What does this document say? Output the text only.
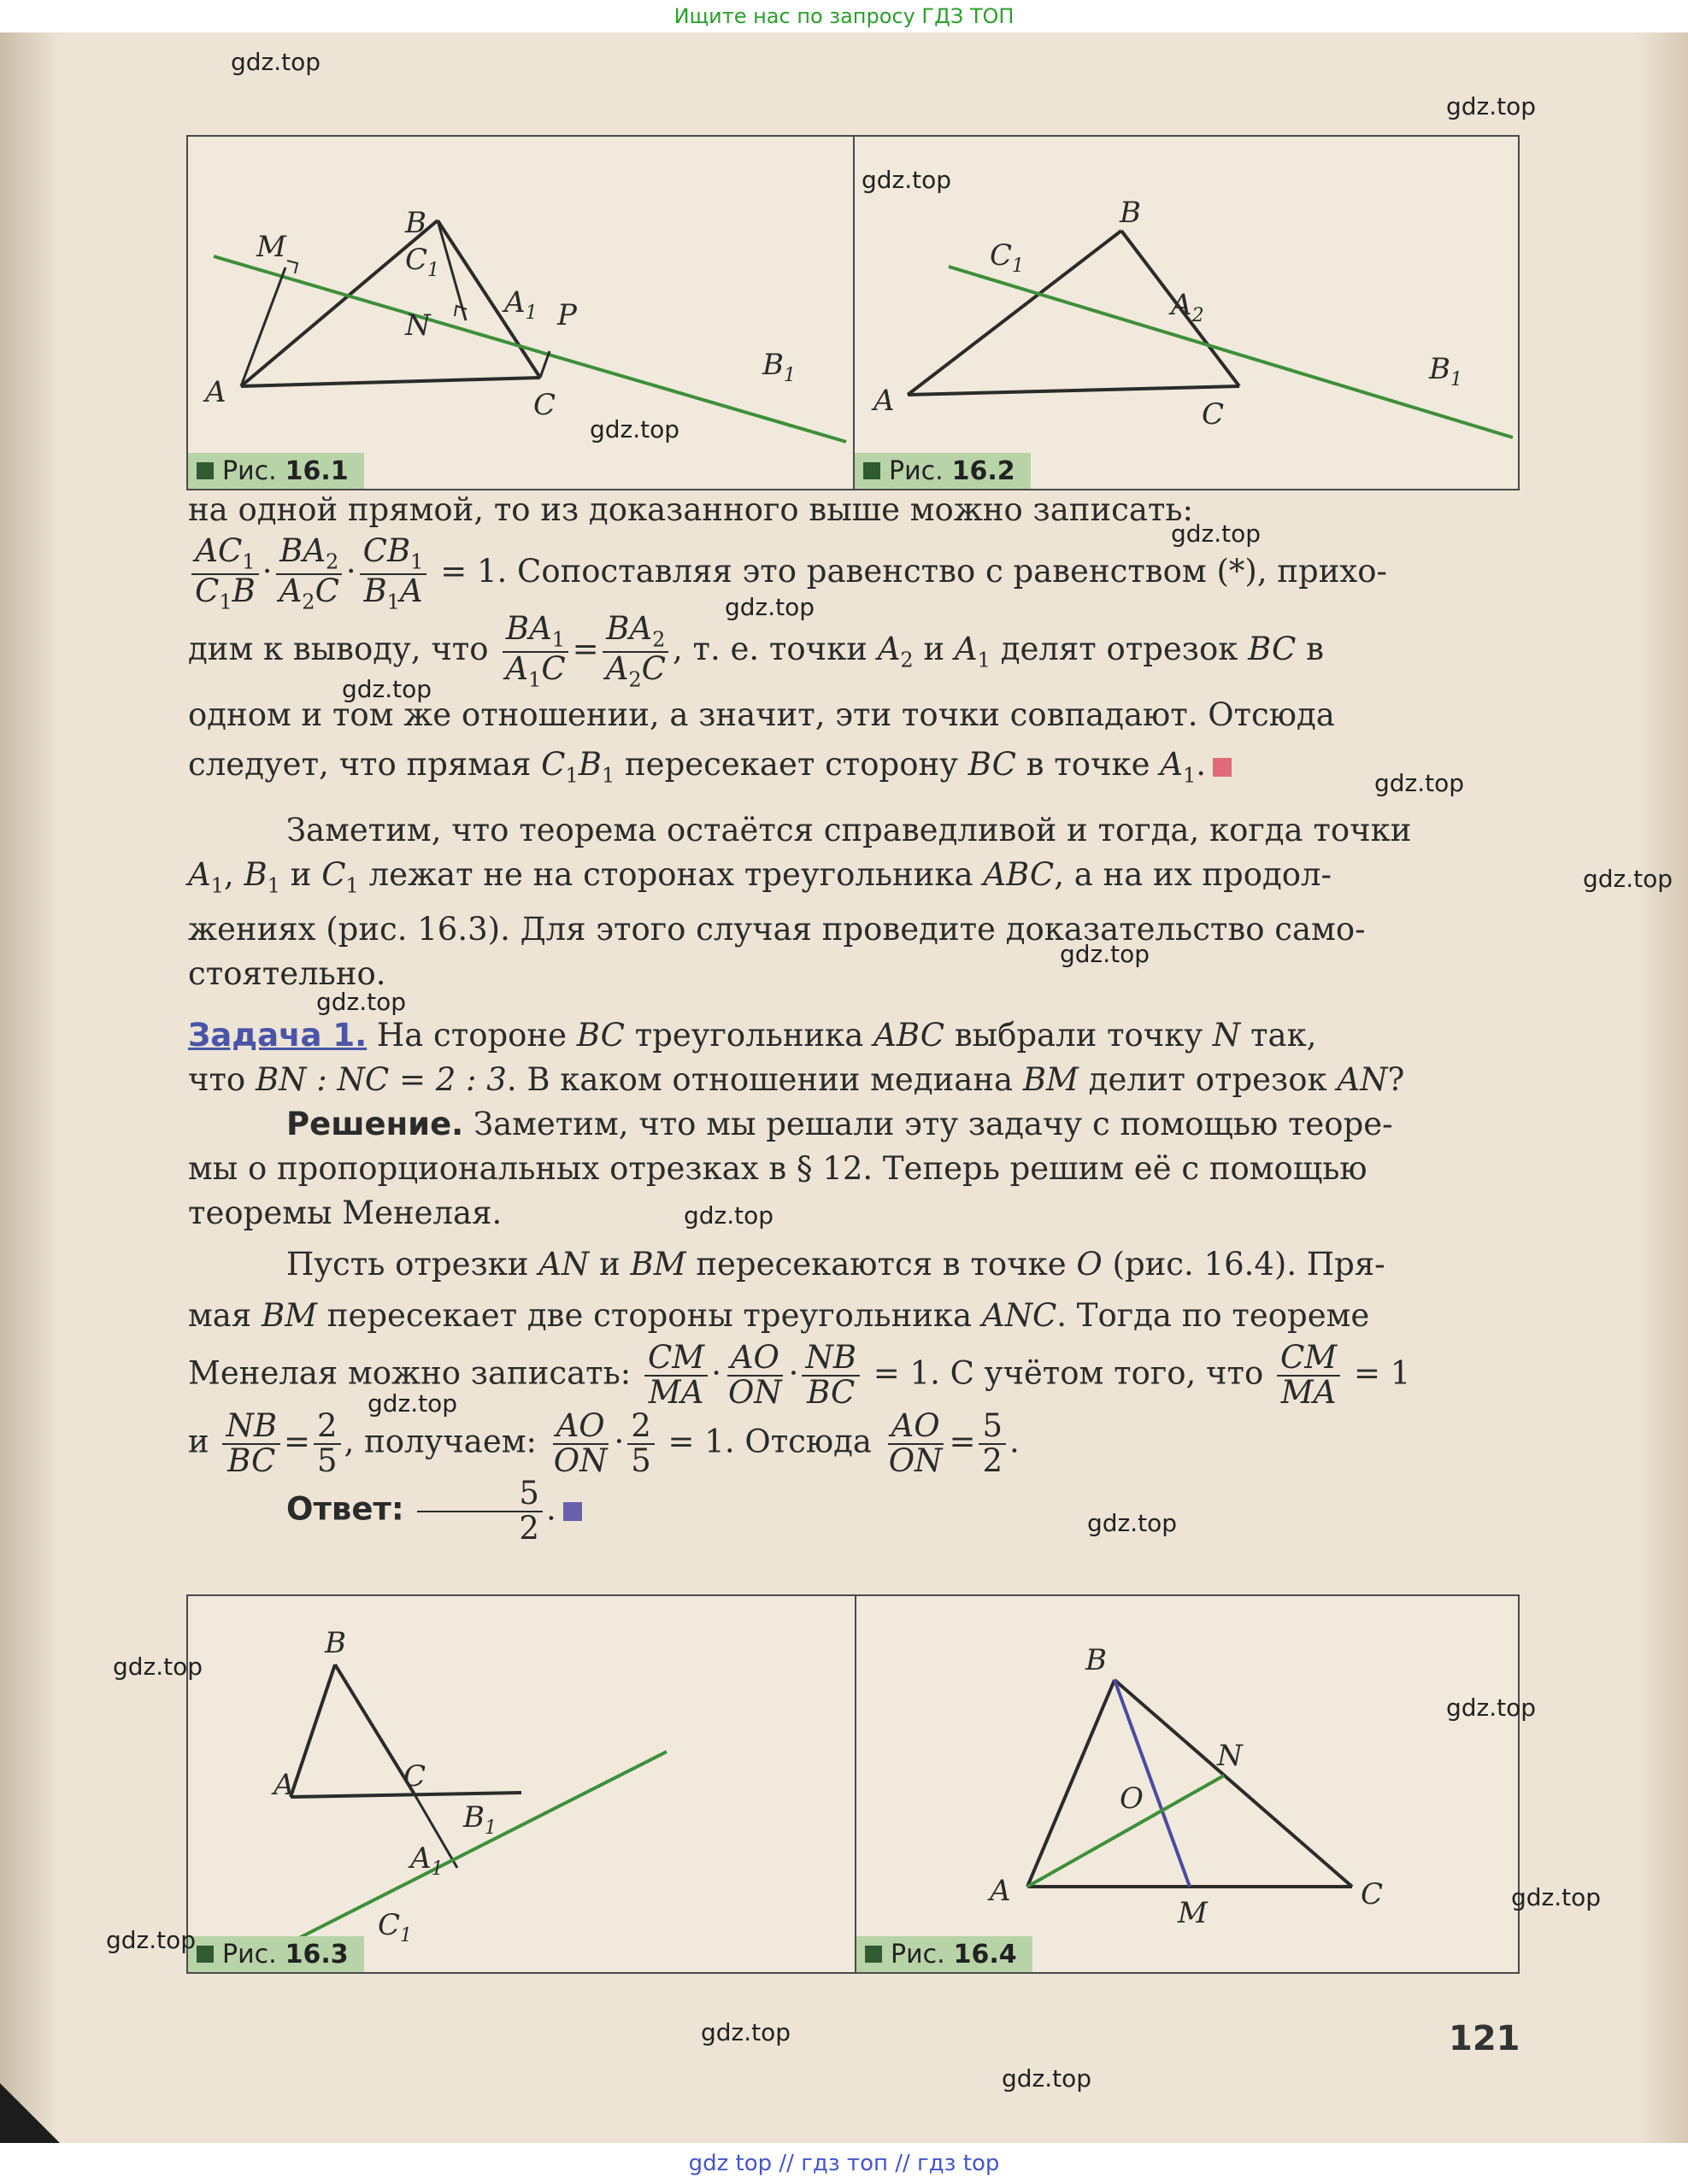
Ищите нас по запросу ГДЗ ТОП
M	$C_1$
B
N
$A_1$ P
A	C
$B_1$
Рис. 16.1
$C_1$
B
$A_2$
A	C
$B_1$
Рис. 16.2
на одной прямой, то из доказанного выше можно записать:
$\frac{AC_1}{C_1B} \cdot \frac{BA_2}{A_2C} \cdot \frac{CB_1}{B_1A} = 1$. Сопоставляя это равенство с равенством (*), прихо-
дим к выводу, что $\frac{BA_1}{A_1C} = \frac{BA_2}{A_2C}$ , т. е. точки $A_2$ и $A_1$ делят отрезок BC в
одном и том же отношении, а значит, эти точки совпадают. Отсюда
следует, что прямая $C_1B_1$ пересекает сторону BC в точке $A_1$.
Заметим, что теорема остаётся справедливой и тогда, когда точки
$A_1$, $B_1$ и $C_1$ лежат не на сторонах треугольника ABC, а на их продол-
жениях (рис. 16.3). Для этого случая проведите доказательство само-
стоятельно.
Задача 1. На стороне BC треугольника ABC выбрали точку N так,
что BN : NC = 2 : 3. В каком отношении медиана BM делит отрезок AN?
Решение. Заметим, что мы решали эту задачу с помощью теоре-
мы о пропорциональных отрезках в § 12. Теперь решим её с помощью
теоремы Менелая.
Пусть отрезки AN и BM пересекаются в точке O (рис. 16.4). Пря-
мая BM пересекает две стороны треугольника ANC. Тогда по теореме
Менелая можно записать: $\frac{CM}{MA} \cdot \frac{AO}{ON} \cdot \frac{NB}{BC} = 1$. С учётом того, что $\frac{CM}{MA} = 1$
и $\frac{NB}{BC} = \frac{2}{5}$ , получаем: $\frac{AO}{ON} \cdot \frac{2}{5} = 1$. Отсюда $\frac{AO}{ON} = \frac{5}{2}$ .
Ответ: $\frac{5}{2}$ .
B
A	C
$B_1$
$A_1$
$C_1$
Рис. 16.3
B
N
O
A
M
C
Рис. 16.4
121
gdz.top
gdz.top
gdz.top
gdz.top
gdz.top
gdz.top
gdz.top
gdz.top
gdz.top
gdz.top
gdz.top
gdz.top
gdz.top
gdz.top
gdz.top
gdz.top
gdz.top
gdz.top
gdz.top
gdz.top
gdz top // гдз топ // гдз top
